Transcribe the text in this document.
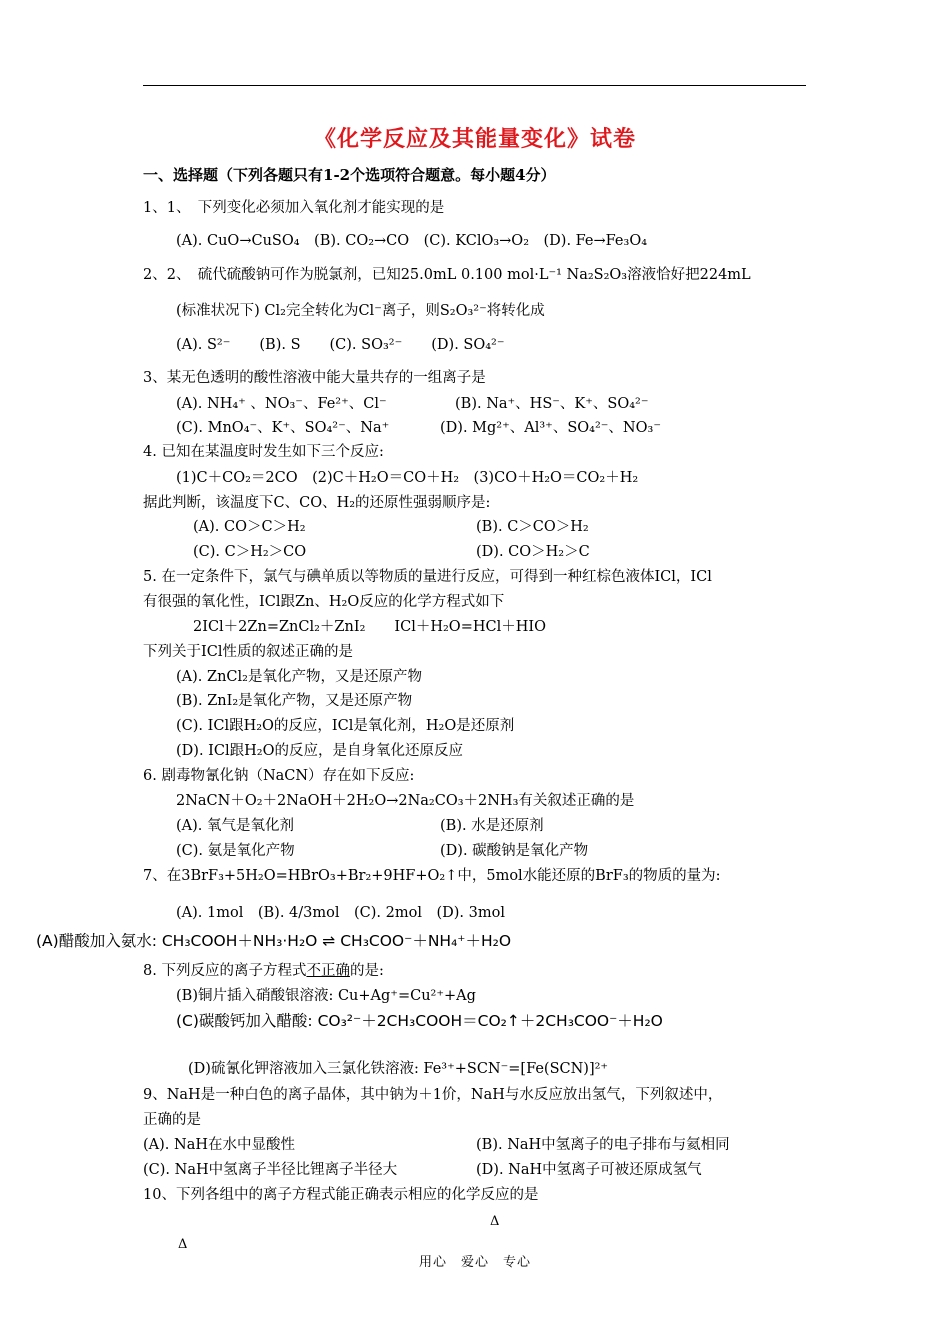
《化学反应及其能量变化》试卷
一、选择题（下列各题只有1-2个选项符合题意。每小题4分）
1、1、　下列变化必须加入氧化剂才能实现的是
(A). CuO→CuSO₄　(B). CO₂→CO　(C). KClO₃→O₂　(D). Fe→Fe₃O₄
2、2、　硫代硫酸钠可作为脱氯剂，已知25.0mL 0.100 mol·L⁻¹ Na₂S₂O₃溶液恰好把224mL
(标准状况下) Cl₂完全转化为Cl⁻离子，则S₂O₃²⁻将转化成
(A). S²⁻　　(B). S　　(C). SO₃²⁻　　(D). SO₄²⁻
3、某无色透明的酸性溶液中能大量共存的一组离子是
(A). NH₄⁺ 、NO₃⁻、Fe²⁺、Cl⁻	(B). Na⁺、HS⁻、K⁺、SO₄²⁻
(C). MnO₄⁻、K⁺、SO₄²⁻、Na⁺	(D). Mg²⁺、Al³⁺、SO₄²⁻、NO₃⁻
4. 已知在某温度时发生如下三个反应:
(1)C＋CO₂＝2CO　(2)C＋H₂O＝CO＋H₂　(3)CO＋H₂O＝CO₂＋H₂
据此判断，该温度下C、CO、H₂的还原性强弱顺序是:
(A). CO＞C＞H₂	(B). C＞CO＞H₂
(C). C＞H₂＞CO	(D). CO＞H₂＞C
5. 在一定条件下，氯气与碘单质以等物质的量进行反应，可得到一种红棕色液体ICl，ICl
有很强的氧化性，ICl跟Zn、H₂O反应的化学方程式如下
2ICl＋2Zn=ZnCl₂＋ZnI₂　　ICl＋H₂O=HCl＋HIO
下列关于ICl性质的叙述正确的是
(A). ZnCl₂是氧化产物，又是还原产物
(B). ZnI₂是氧化产物，又是还原产物
(C). ICl跟H₂O的反应，ICl是氧化剂，H₂O是还原剂
(D). ICl跟H₂O的反应，是自身氧化还原反应
6. 剧毒物氰化钠（NaCN）存在如下反应:
2NaCN＋O₂＋2NaOH＋2H₂O→2Na₂CO₃＋2NH₃有关叙述正确的是
(A). 氧气是氧化剂	(B). 水是还原剂
(C). 氨是氧化产物	(D). 碳酸钠是氧化产物
7、在3BrF₃+5H₂O=HBrO₃+Br₂+9HF+O₂↑中，5mol水能还原的BrF₃的物质的量为:
(A). 1mol　(B). 4/3mol　(C). 2mol　(D). 3mol
(A)醋酸加入氨水: CH₃COOH＋NH₃·H₂O ⇌ CH₃COO⁻＋NH₄⁺＋H₂O
8. 下列反应的离子方程式不正确的是:
(B)铜片插入硝酸银溶液: Cu+Ag⁺=Cu²⁺+Ag
(C)碳酸钙加入醋酸: CO₃²⁻＋2CH₃COOH＝CO₂↑＋2CH₃COO⁻＋H₂O
(D)硫氰化钾溶液加入三氯化铁溶液: Fe³⁺+SCN⁻=[Fe(SCN)]²⁺
9、NaH是一种白色的离子晶体，其中钠为＋1价，NaH与水反应放出氢气，下列叙述中，
正确的是
(A). NaH在水中显酸性	(B). NaH中氢离子的电子排布与氦相同
(C). NaH中氢离子半径比锂离子半径大	(D). NaH中氢离子可被还原成氢气
10、下列各组中的离子方程式能正确表示相应的化学反应的是
Δ
Δ
用心　爱心　专心
